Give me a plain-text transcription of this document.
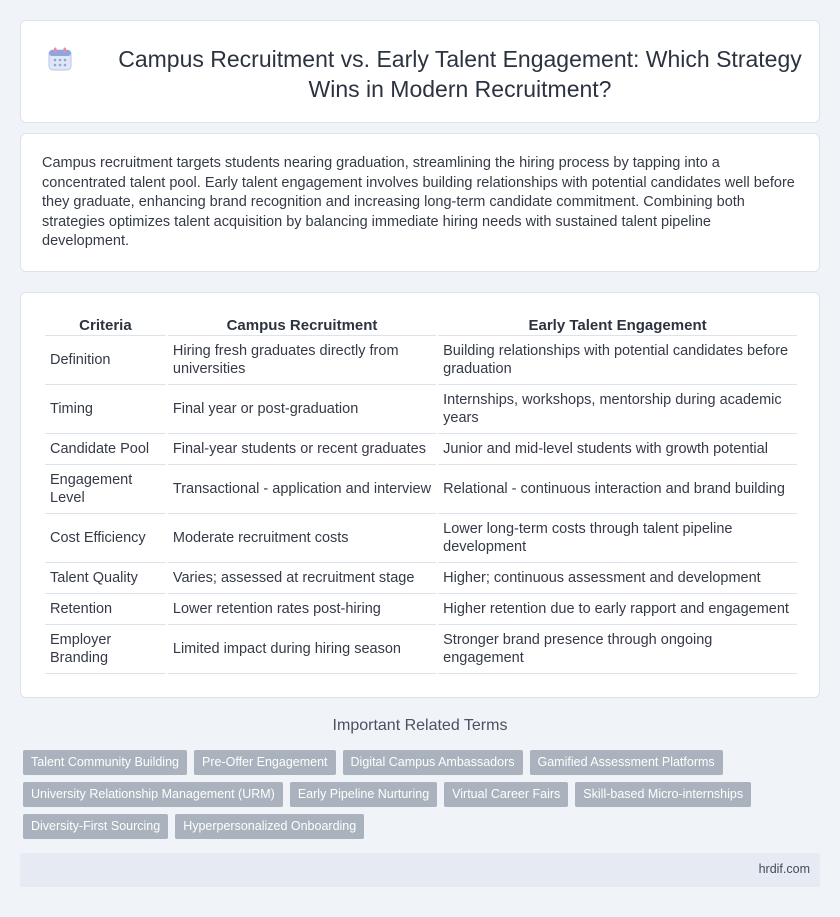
Campus Recruitment vs. Early Talent Engagement: Which Strategy Wins in Modern Recruitment?

Campus recruitment targets students nearing graduation, streamlining the hiring process by tapping into a concentrated talent pool. Early talent engagement involves building relationships with potential candidates well before they graduate, enhancing brand recognition and increasing long-term candidate commitment. Combining both strategies optimizes talent acquisition by balancing immediate hiring needs with sustained talent pipeline development.

Criteria	Campus Recruitment	Early Talent Engagement
Definition	Hiring fresh graduates directly from universities	Building relationships with potential candidates before graduation
Timing	Final year or post-graduation	Internships, workshops, mentorship during academic years
Candidate Pool	Final-year students or recent graduates	Junior and mid-level students with growth potential
Engagement Level	Transactional - application and interview	Relational - continuous interaction and brand building
Cost Efficiency	Moderate recruitment costs	Lower long-term costs through talent pipeline development
Talent Quality	Varies; assessed at recruitment stage	Higher; continuous assessment and development
Retention	Lower retention rates post-hiring	Higher retention due to early rapport and engagement
Employer Branding	Limited impact during hiring season	Stronger brand presence through ongoing engagement
Important Related Terms
Talent Community Building	Pre-Offer Engagement	Digital Campus Ambassadors	Gamified Assessment Platforms
University Relationship Management (URM)	Early Pipeline Nurturing	Virtual Career Fairs	Skill-based Micro-internships
Diversity-First Sourcing	Hyperpersonalized Onboarding
hrdif.com
